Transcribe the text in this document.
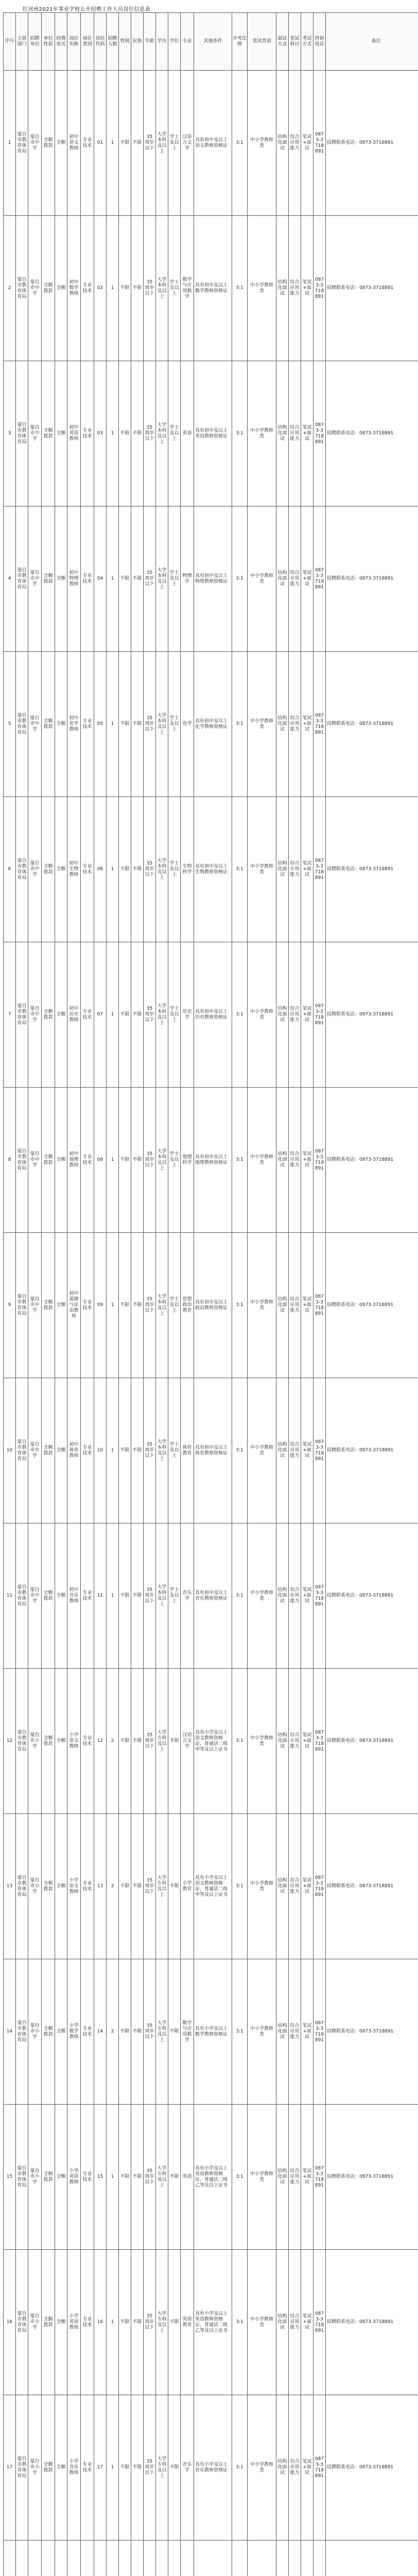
红河州2021年事业学校公开招聘工作人员岗位信息表
序号	主管部门	招聘单位	单位性质	经费形式	岗位名称	岗位类别	岗位代码	招聘人数	性别	民族	年龄	学历	学位	专业	其他条件	开考比例	笔试类别	面试方式	笔试科目	考试方式	咨询电话	备注

1	蒙自市教育体育局	蒙自市中学	全额拨款	全额	初中语文教师	专业技术	01	1	不限	不限	35周岁以下	大学本科及以上	学士及以上	汉语言文学	具有初中及以上语文教师资格证	3:1	中小学教师类	结构化面试	综合应用能力	笔试+面试	0873-3718891	招聘联系电话：0873-3718891

2	蒙自市教育体育局	蒙自市中学	全额拨款	全额	初中数学教师	专业技术	02	1	不限	不限	35周岁以下	大学本科及以上	学士及以上	数学与应用数学	具有初中及以上数学教师资格证	3:1	中小学教师类	结构化面试	综合应用能力	笔试+面试	0873-3718891	招聘联系电话：0873-3718891

3	蒙自市教育体育局	蒙自市中学	全额拨款	全额	初中英语教师	专业技术	03	1	不限	不限	35周岁以下	大学本科及以上	学士及以上	英语	具有初中及以上英语教师资格证	3:1	中小学教师类	结构化面试	综合应用能力	笔试+面试	0873-3718891	招聘联系电话：0873-3718891

4	蒙自市教育体育局	蒙自市中学	全额拨款	全额	初中物理教师	专业技术	04	1	不限	不限	35周岁以下	大学本科及以上	学士及以上	物理学	具有初中及以上物理教师资格证	3:1	中小学教师类	结构化面试	综合应用能力	笔试+面试	0873-3718891	招聘联系电话：0873-3718891

5	蒙自市教育体育局	蒙自市中学	全额拨款	全额	初中化学教师	专业技术	05	1	不限	不限	35周岁以下	大学本科及以上	学士及以上	化学	具有初中及以上化学教师资格证	3:1	中小学教师类	结构化面试	综合应用能力	笔试+面试	0873-3718891	招聘联系电话：0873-3718891

6	蒙自市教育体育局	蒙自市中学	全额拨款	全额	初中生物教师	专业技术	06	1	不限	不限	35周岁以下	大学本科及以上	学士及以上	生物科学	具有初中及以上生物教师资格证	3:1	中小学教师类	结构化面试	综合应用能力	笔试+面试	0873-3718891	招聘联系电话：0873-3718891

7	蒙自市教育体育局	蒙自市中学	全额拨款	全额	初中历史教师	专业技术	07	1	不限	不限	35周岁以下	大学本科及以上	学士及以上	历史学	具有初中及以上历史教师资格证	3:1	中小学教师类	结构化面试	综合应用能力	笔试+面试	0873-3718891	招聘联系电话：0873-3718891

8	蒙自市教育体育局	蒙自市中学	全额拨款	全额	初中地理教师	专业技术	08	1	不限	不限	35周岁以下	大学本科及以上	学士及以上	地理科学	具有初中及以上地理教师资格证	3:1	中小学教师类	结构化面试	综合应用能力	笔试+面试	0873-3718891	招聘联系电话：0873-3718891

9	蒙自市教育体育局	蒙自市中学	全额拨款	全额	初中道德与法治教师	专业技术	09	1	不限	不限	35周岁以下	大学本科及以上	学士及以上	思想政治教育	具有初中及以上政治教师资格证	3:1	中小学教师类	结构化面试	综合应用能力	笔试+面试	0873-3718891	招聘联系电话：0873-3718891

10	蒙自市教育体育局	蒙自市中学	全额拨款	全额	初中体育教师	专业技术	10	1	不限	不限	35周岁以下	大学本科及以上	学士及以上	体育教育	具有初中及以上体育教师资格证	3:1	中小学教师类	结构化面试	综合应用能力	笔试+面试	0873-3718891	招聘联系电话：0873-3718891

11	蒙自市教育体育局	蒙自市中学	全额拨款	全额	初中音乐教师	专业技术	11	1	不限	不限	35周岁以下	大学本科及以上	学士及以上	音乐学	具有初中及以上音乐教师资格证	3:1	中小学教师类	结构化面试	综合应用能力	笔试+面试	0873-3718891	招聘联系电话：0873-3718891

12	蒙自市教育体育局	蒙自市小学	全额拨款	全额	小学语文教师	专业技术	12	2	不限	不限	35周岁以下	大学专科及以上	不限	汉语言文学	具有小学及以上语文教师资格证，普通话二级甲等及以上证书	3:1	中小学教师类	结构化面试	综合应用能力	笔试+面试	0873-3718891	招聘联系电话：0873-3718891

13	蒙自市教育体育局	蒙自市小学	全额拨款	全额	小学语文教师	专业技术	13	2	不限	不限	35周岁以下	大学专科及以上	不限	小学教育	具有小学及以上语文教师资格证，普通话二级甲等及以上证书	3:1	中小学教师类	结构化面试	综合应用能力	笔试+面试	0873-3718891	招聘联系电话：0873-3718891

14	蒙自市教育体育局	蒙自市小学	全额拨款	全额	小学数学教师	专业技术	14	2	不限	不限	35周岁以下	大学专科及以上	不限	数学与应用数学	具有小学及以上数学教师资格证	3:1	中小学教师类	结构化面试	综合应用能力	笔试+面试	0873-3718891	招聘联系电话：0873-3718891

15	蒙自市教育体育局	蒙自市小学	全额拨款	全额	小学英语教师	专业技术	15	1	不限	不限	35周岁以下	大学专科及以上	不限	英语	具有小学及以上英语教师资格证，普通话二级乙等及以上证书	3:1	中小学教师类	结构化面试	综合应用能力	笔试+面试	0873-3718891	招聘联系电话：0873-3718891

16	蒙自市教育体育局	蒙自市小学	全额拨款	全额	小学英语教师	专业技术	16	1	不限	不限	35周岁以下	大学专科及以上	不限	英语教育	具有小学及以上英语教师资格证，普通话二级乙等及以上证书	3:1	中小学教师类	结构化面试	综合应用能力	笔试+面试	0873-3718891	招聘联系电话：0873-3718891

17	蒙自市教育体育局	蒙自市小学	全额拨款	全额	小学音乐教师	专业技术	17	1	不限	不限	35周岁以下	大学专科及以上	不限	音乐学	具有小学及以上音乐教师资格证	3:1	中小学教师类	结构化面试	综合应用能力	笔试+面试	0873-3718891	招聘联系电话：0873-3718891
